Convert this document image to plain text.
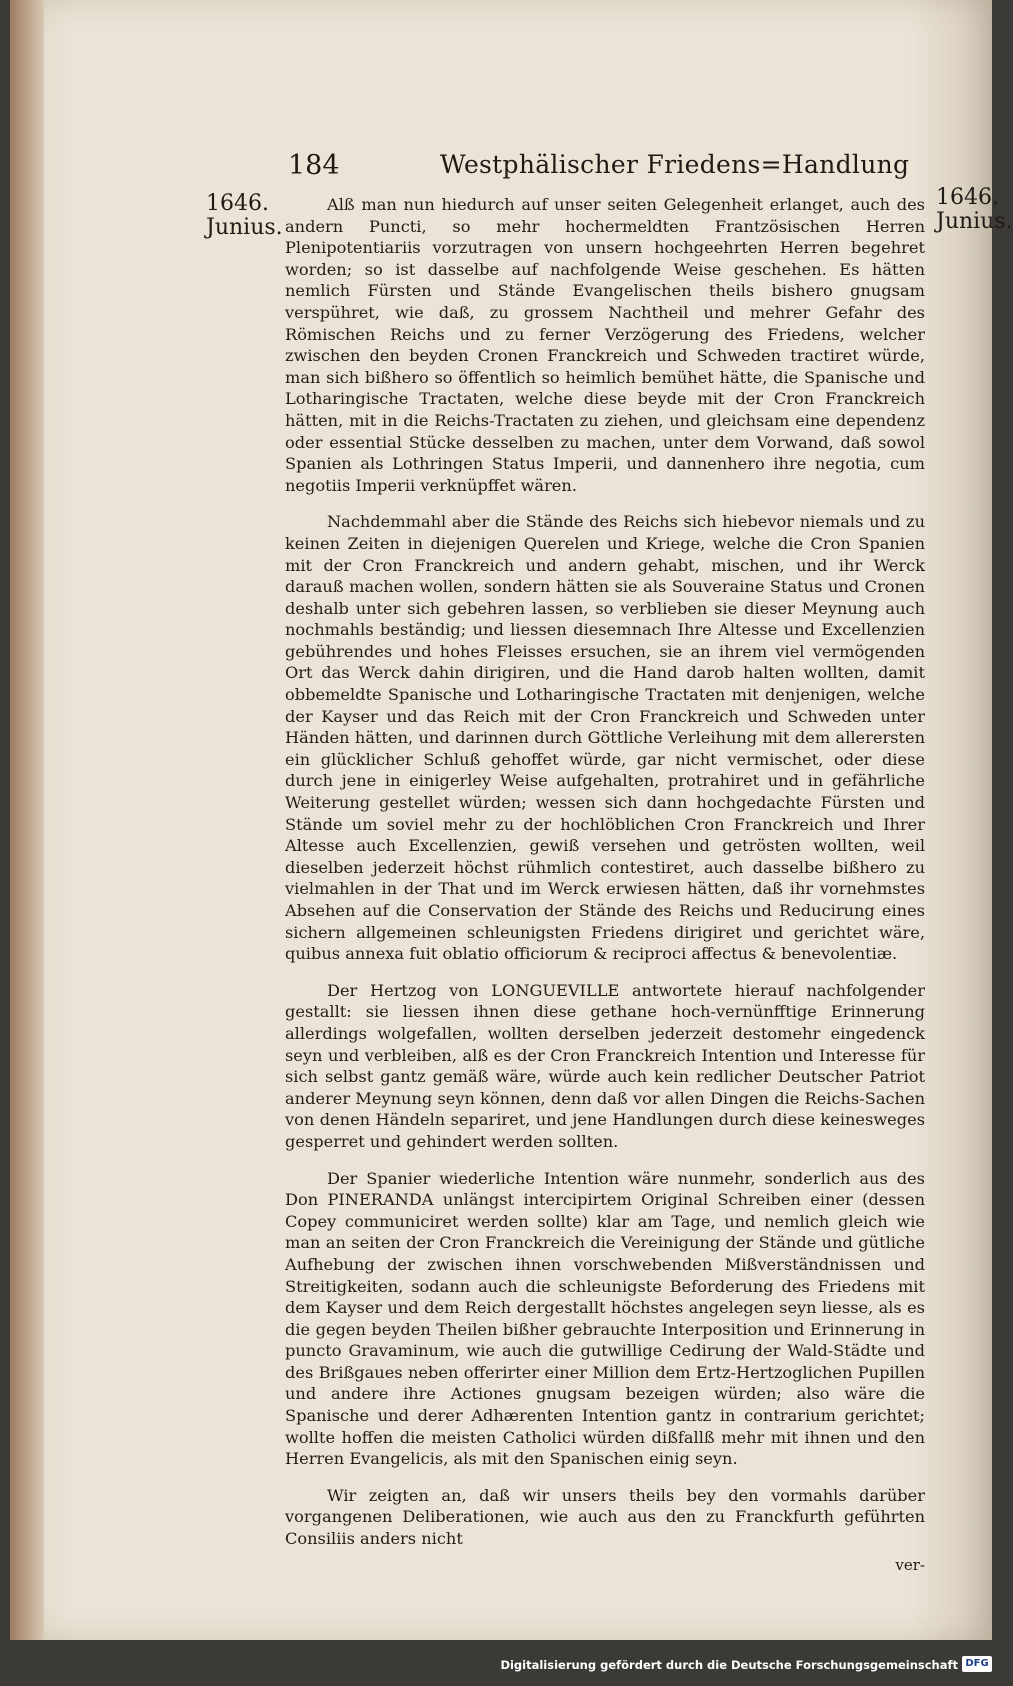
184	Westphälischer Friedens=Handlung
1646.
Junius.
1646.
Junius.

Alß man nun hiedurch auf unser seiten Gelegenheit erlanget, auch des andern Puncti, so mehr hochermeldten Frantzösischen Herren Plenipotentiariis vorzutragen von unsern hochgeehrten Herren begehret worden; so ist dasselbe auf nachfolgende Weise geschehen. Es hätten nemlich Fürsten und Stände Evangelischen theils bishero gnugsam verspühret, wie daß, zu grossem Nachtheil und mehrer Gefahr des Römischen Reichs und zu ferner Verzögerung des Friedens, welcher zwischen den beyden Cronen Franckreich und Schweden tractiret würde, man sich bißhero so öffentlich so heimlich bemühet hätte, die Spanische und Lotharingische Tractaten, welche diese beyde mit der Cron Franckreich hätten, mit in die Reichs-Tractaten zu ziehen, und gleichsam eine dependenz oder essential Stücke desselben zu machen, unter dem Vorwand, daß sowol Spanien als Lothringen Status Imperii, und dannenhero ihre negotia, cum negotiis Imperii verknüpffet wären.

Nachdemmahl aber die Stände des Reichs sich hiebevor niemals und zu keinen Zeiten in diejenigen Querelen und Kriege, welche die Cron Spanien mit der Cron Franckreich und andern gehabt, mischen, und ihr Werck darauß machen wollen, sondern hätten sie als Souveraine Status und Cronen deshalb unter sich gebehren lassen, so verblieben sie dieser Meynung auch nochmahls beständig; und liessen diesemnach Ihre Altesse und Excellenzien gebührendes und hohes Fleisses ersuchen, sie an ihrem viel vermögenden Ort das Werck dahin dirigiren, und die Hand darob halten wollten, damit obbemeldte Spanische und Lotharingische Tractaten mit denjenigen, welche der Kayser und das Reich mit der Cron Franckreich und Schweden unter Händen hätten, und darinnen durch Göttliche Verleihung mit dem allerersten ein glücklicher Schluß gehoffet würde, gar nicht vermischet, oder diese durch jene in einigerley Weise aufgehalten, protrahiret und in gefährliche Weiterung gestellet würden; wessen sich dann hochgedachte Fürsten und Stände um soviel mehr zu der hochlöblichen Cron Franckreich und Ihrer Altesse auch Excellenzien, gewiß versehen und getrösten wollten, weil dieselben jederzeit höchst rühmlich contestiret, auch dasselbe bißhero zu vielmahlen in der That und im Werck erwiesen hätten, daß ihr vornehmstes Absehen auf die Conservation der Stände des Reichs und Reducirung eines sichern allgemeinen schleunigsten Friedens dirigiret und gerichtet wäre, quibus annexa fuit oblatio officiorum & reciproci affectus & benevolentiæ.

Der Hertzog von LONGUEVILLE antwortete hierauf nachfolgender gestallt: sie liessen ihnen diese gethane hoch-vernünfftige Erinnerung allerdings wolgefallen, wollten derselben jederzeit destomehr eingedenck seyn und verbleiben, alß es der Cron Franckreich Intention und Interesse für sich selbst gantz gemäß wäre, würde auch kein redlicher Deutscher Patriot anderer Meynung seyn können, denn daß vor allen Dingen die Reichs-Sachen von denen Händeln separiret, und jene Handlungen durch diese keinesweges gesperret und gehindert werden sollten.

Der Spanier wiederliche Intention wäre nunmehr, sonderlich aus des Don PINERANDA unlängst intercipirtem Original Schreiben einer (dessen Copey communiciret werden sollte) klar am Tage, und nemlich gleich wie man an seiten der Cron Franckreich die Vereinigung der Stände und gütliche Aufhebung der zwischen ihnen vorschwebenden Mißverständnissen und Streitigkeiten, sodann auch die schleunigste Beforderung des Friedens mit dem Kayser und dem Reich dergestallt höchstes angelegen seyn liesse, als es die gegen beyden Theilen bißher gebrauchte Interposition und Erinnerung in puncto Gravaminum, wie auch die gutwillige Cedirung der Wald-Städte und des Brißgaues neben offerirter einer Million dem Ertz-Hertzoglichen Pupillen und andere ihre Actiones gnugsam bezeigen würden; also wäre die Spanische und derer Adhærenten Intention gantz in contrarium gerichtet; wollte hoffen die meisten Catholici würden dißfallß mehr mit ihnen und den Herren Evangelicis, als mit den Spanischen einig seyn.

Wir zeigten an, daß wir unsers theils bey den vormahls darüber vorgangenen Deliberationen, wie auch aus den zu Franckfurth geführten Consiliis anders nicht

ver-
Digitalisierung gefördert durch die Deutsche Forschungsgemeinschaft DFG
